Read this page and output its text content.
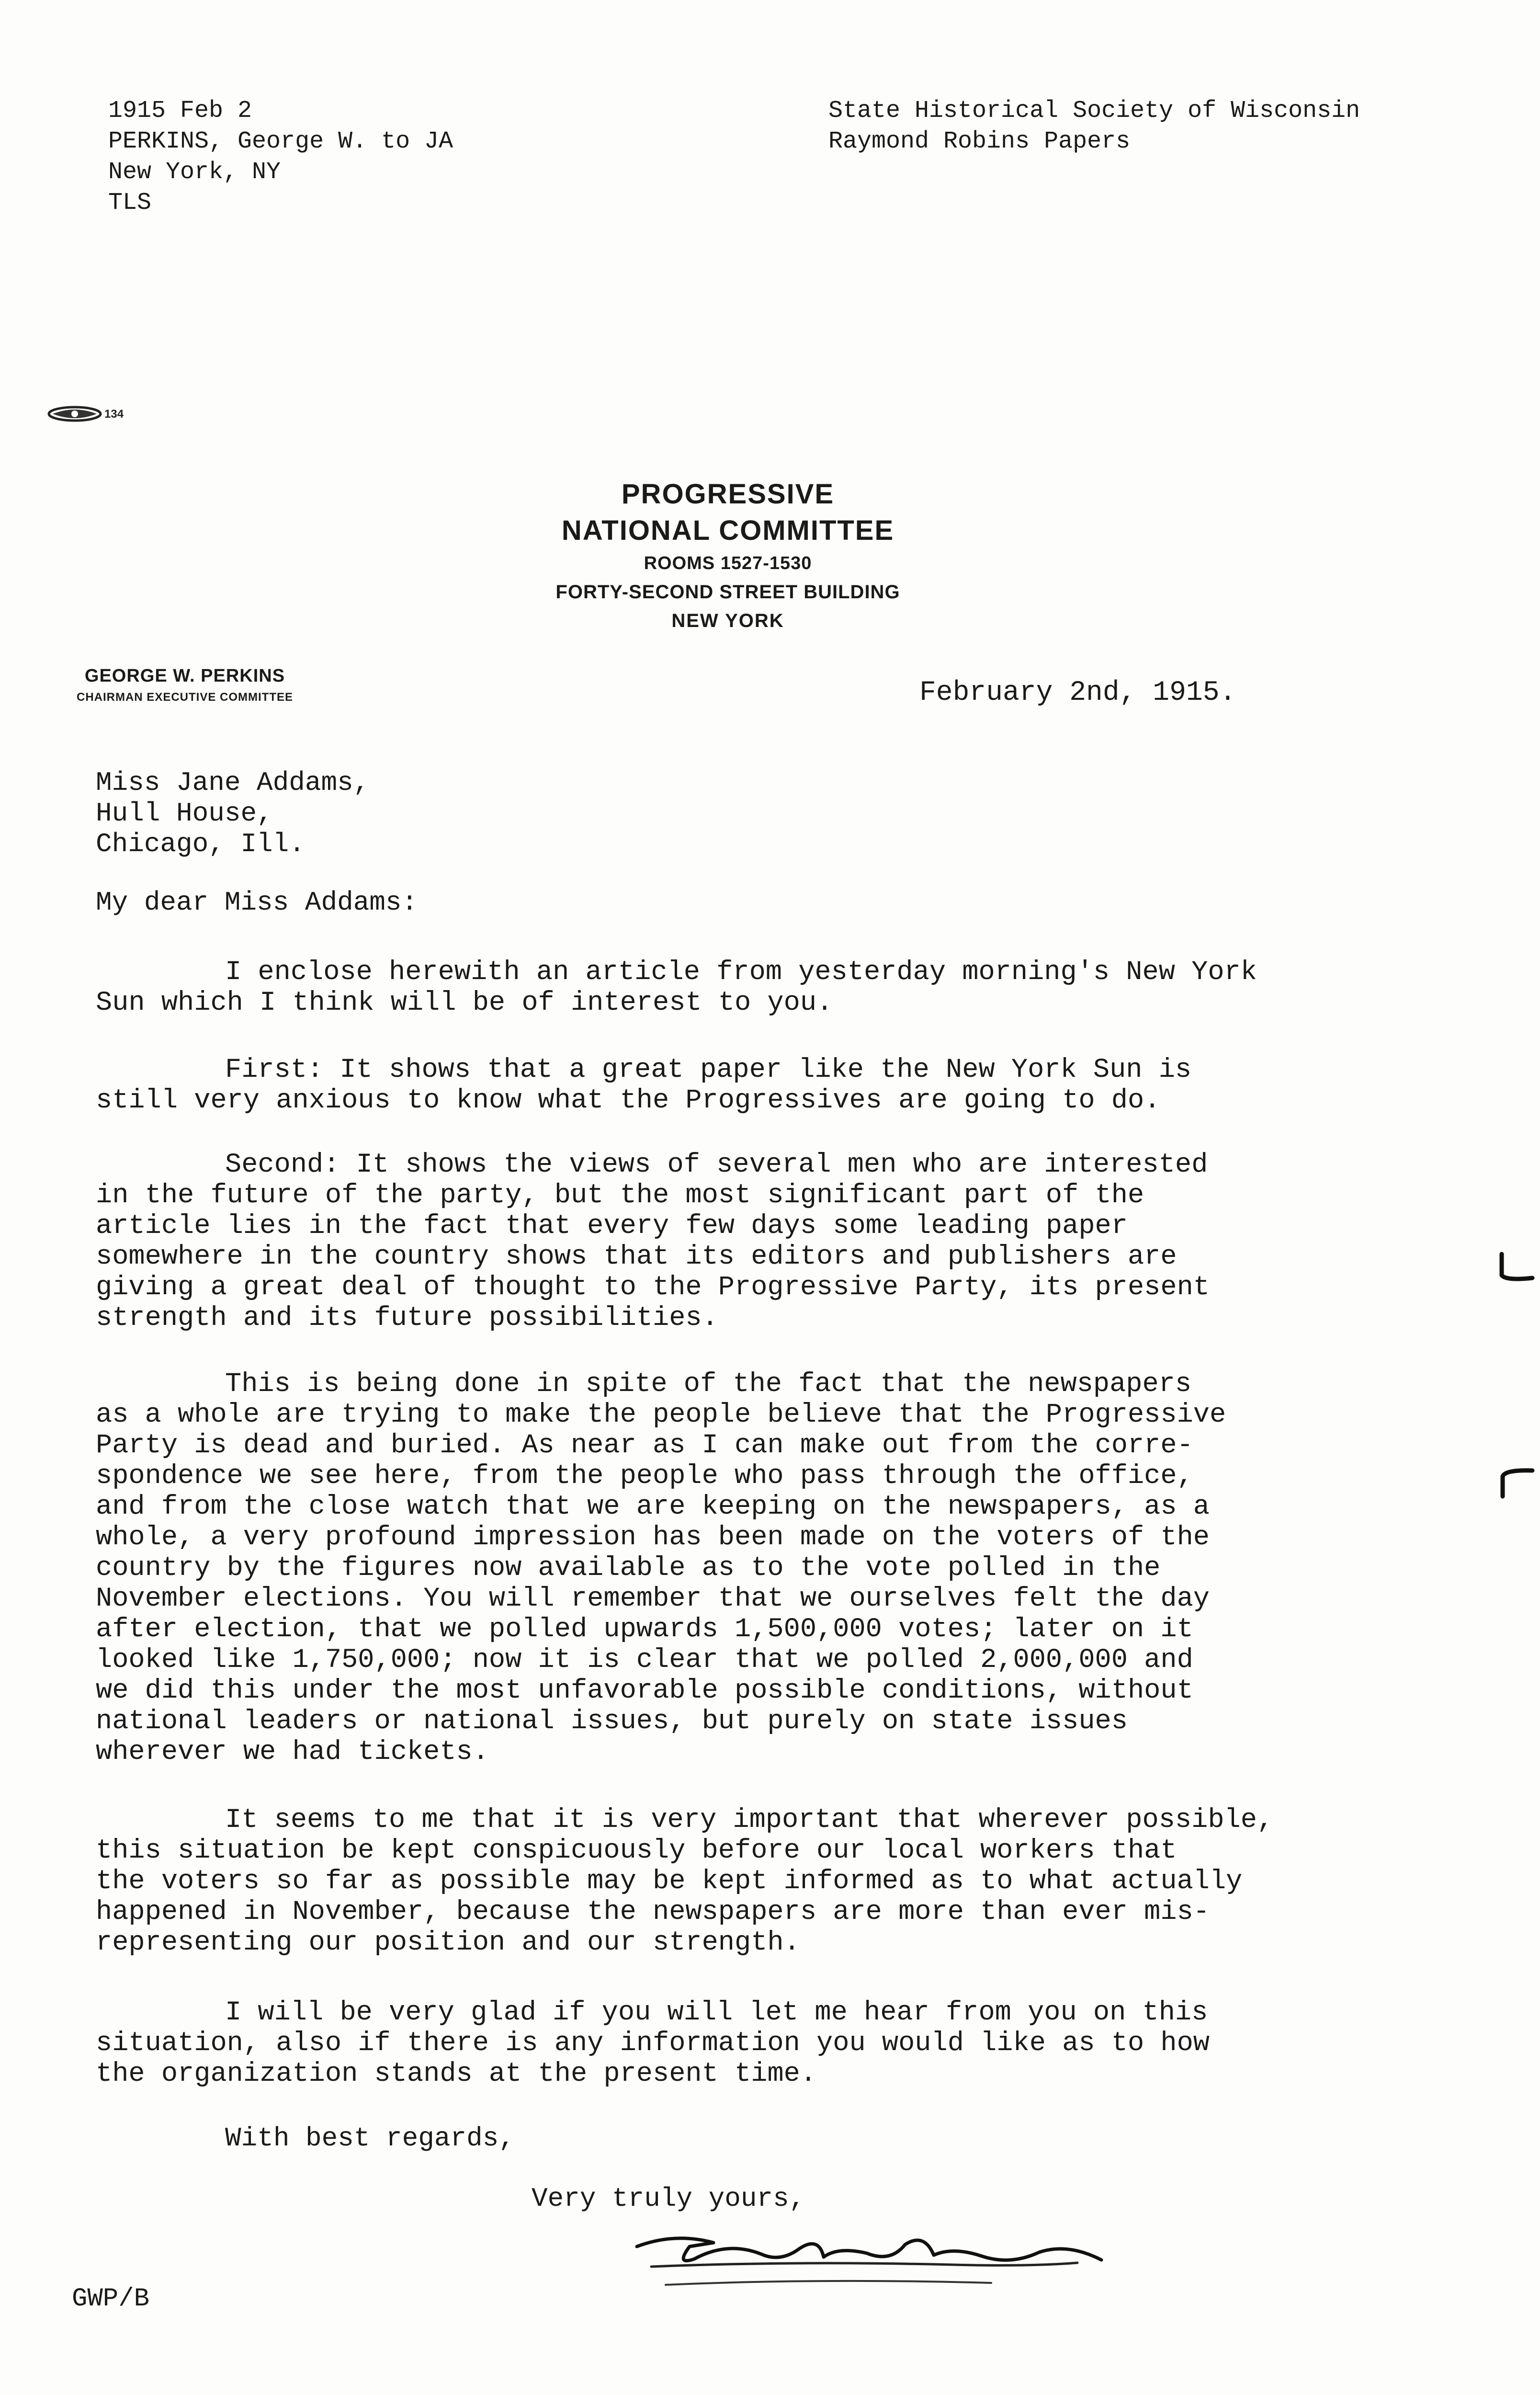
1915 Feb 2
PERKINS, George W. to JA
New York, NY
TLS
State Historical Society of Wisconsin
Raymond Robins Papers
134
PROGRESSIVE
NATIONAL COMMITTEE
ROOMS 1527-1530
FORTY-SECOND STREET BUILDING
NEW YORK
GEORGE W. PERKINS
CHAIRMAN EXECUTIVE COMMITTEE	February 2nd, 1915.
Miss Jane Addams,
Hull House,
Chicago, Ill.
My dear Miss Addams:
I enclose herewith an article from yesterday morning's New York
Sun which I think will be of interest to you.
First: It shows that a great paper like the New York Sun is
still very anxious to know what the Progressives are going to do.
Second: It shows the views of several men who are interested
in the future of the party, but the most significant part of the
article lies in the fact that every few days some leading paper
somewhere in the country shows that its editors and publishers are
giving a great deal of thought to the Progressive Party, its present
strength and its future possibilities.
This is being done in spite of the fact that the newspapers
as a whole are trying to make the people believe that the Progressive
Party is dead and buried. As near as I can make out from the corre-
spondence we see here, from the people who pass through the office,
and from the close watch that we are keeping on the newspapers, as a
whole, a very profound impression has been made on the voters of the
country by the figures now available as to the vote polled in the
November elections. You will remember that we ourselves felt the day
after election, that we polled upwards 1,500,000 votes; later on it
looked like 1,750,000; now it is clear that we polled 2,000,000 and
we did this under the most unfavorable possible conditions, without
national leaders or national issues, but purely on state issues
wherever we had tickets.
It seems to me that it is very important that wherever possible,
this situation be kept conspicuously before our local workers that
the voters so far as possible may be kept informed as to what actually
happened in November, because the newspapers are more than ever mis-
representing our position and our strength.
I will be very glad if you will let me hear from you on this
situation, also if there is any information you would like as to how
the organization stands at the present time.
With best regards,
Very truly yours,
GWP/B
